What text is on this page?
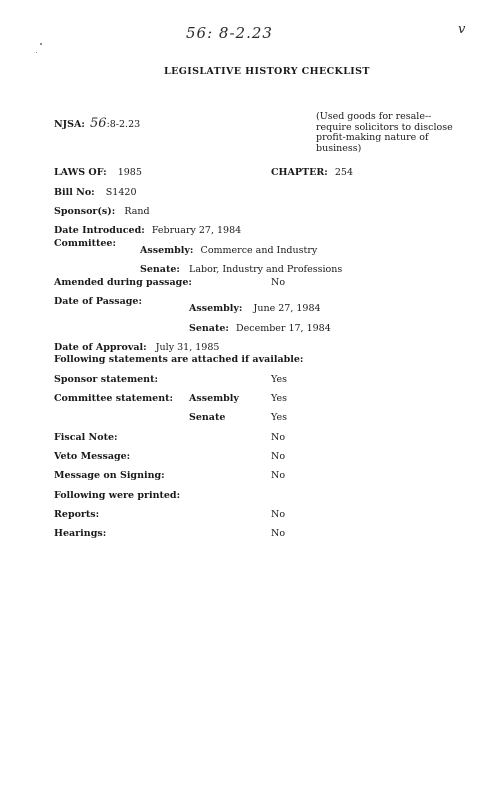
56: 8-2.23	v
LEGISLATIVE HISTORY CHECKLIST
NJSA: 56:8-2.23
(Used goods for resale--require solicitors to disclose profit-making nature of business)
LAWS OF: 1985	CHAPTER: 254
Bill No: S1420
Sponsor(s): Rand
Date Introduced: February 27, 1984
Committee:
Assembly: Commerce and Industry
Senate: Labor, Industry and Professions
Amended during passage:	No
Date of Passage:
Assembly: June 27, 1984
Senate: December 17, 1984
Date of Approval: July 31, 1985
Following statements are attached if available:
Sponsor statement:	Yes
Committee statement: Assembly	Yes
Senate	Yes
Fiscal Note:	No
Veto Message:	No
Message on Signing:	No
Following were printed:
Reports:	No
Hearings:	No
